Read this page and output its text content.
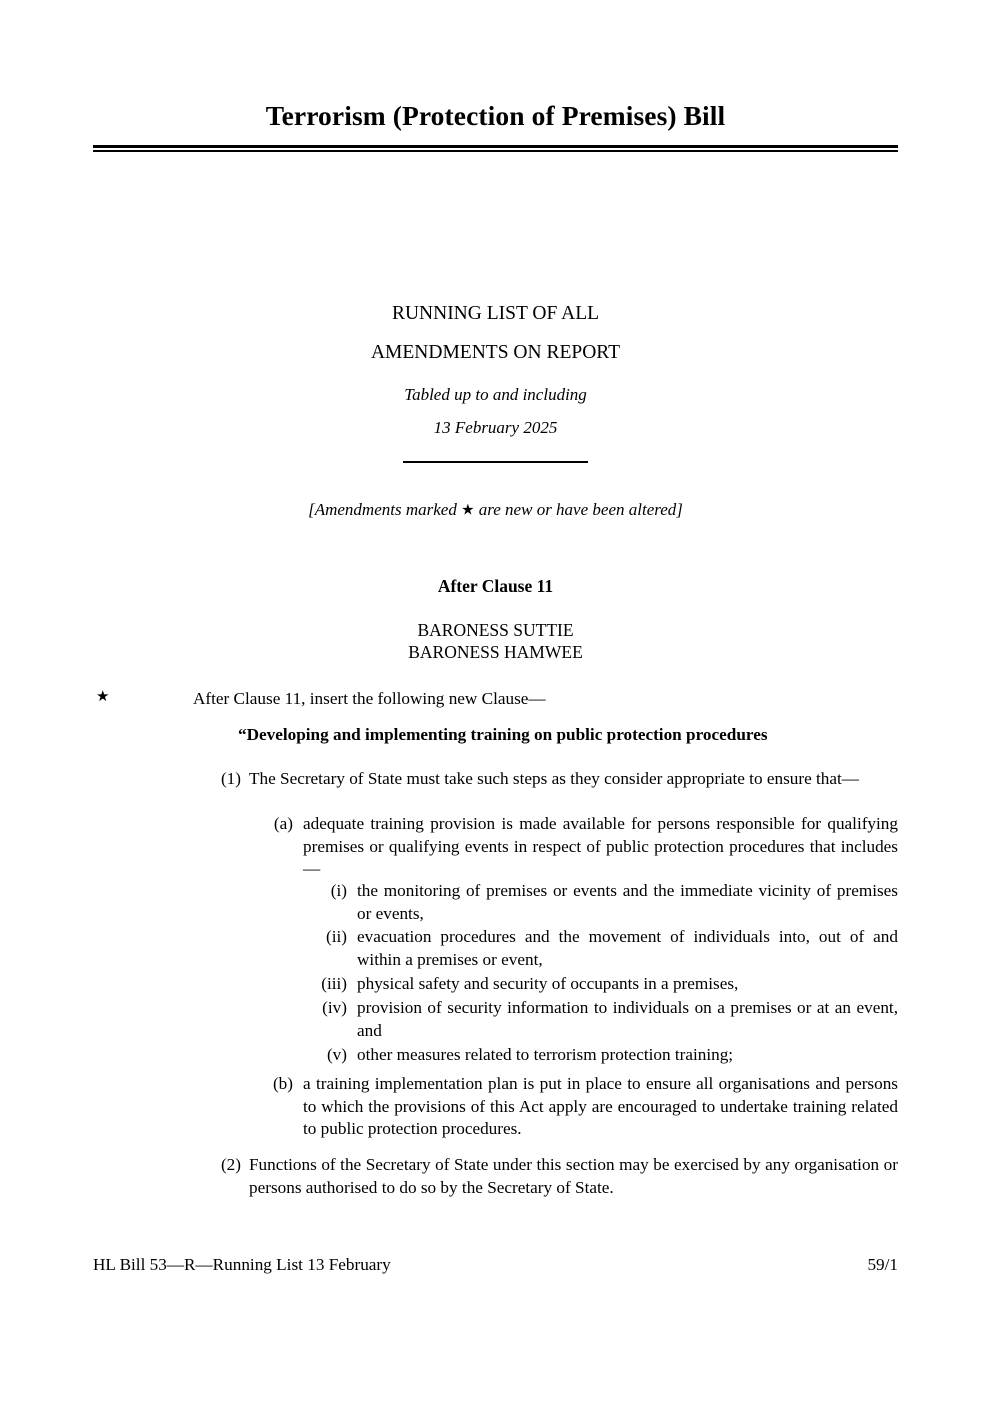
Terrorism (Protection of Premises) Bill
RUNNING LIST OF ALL
AMENDMENTS ON REPORT
Tabled up to and including
13 February 2025
[Amendments marked ★ are new or have been altered]
After Clause 11
BARONESS SUTTIE
BARONESS HAMWEE
★	After Clause 11, insert the following new Clause—
“Developing and implementing training on public protection procedures
(1) The Secretary of State must take such steps as they consider appropriate to ensure that—
(a) adequate training provision is made available for persons responsible for qualifying premises or qualifying events in respect of public protection procedures that includes—
(i) the monitoring of premises or events and the immediate vicinity of premises or events,
(ii) evacuation procedures and the movement of individuals into, out of and within a premises or event,
(iii) physical safety and security of occupants in a premises,
(iv) provision of security information to individuals on a premises or at an event, and
(v) other measures related to terrorism protection training;
(b) a training implementation plan is put in place to ensure all organisations and persons to which the provisions of this Act apply are encouraged to undertake training related to public protection procedures.
(2) Functions of the Secretary of State under this section may be exercised by any organisation or persons authorised to do so by the Secretary of State.
HL Bill 53—R—Running List 13 February	59/1
